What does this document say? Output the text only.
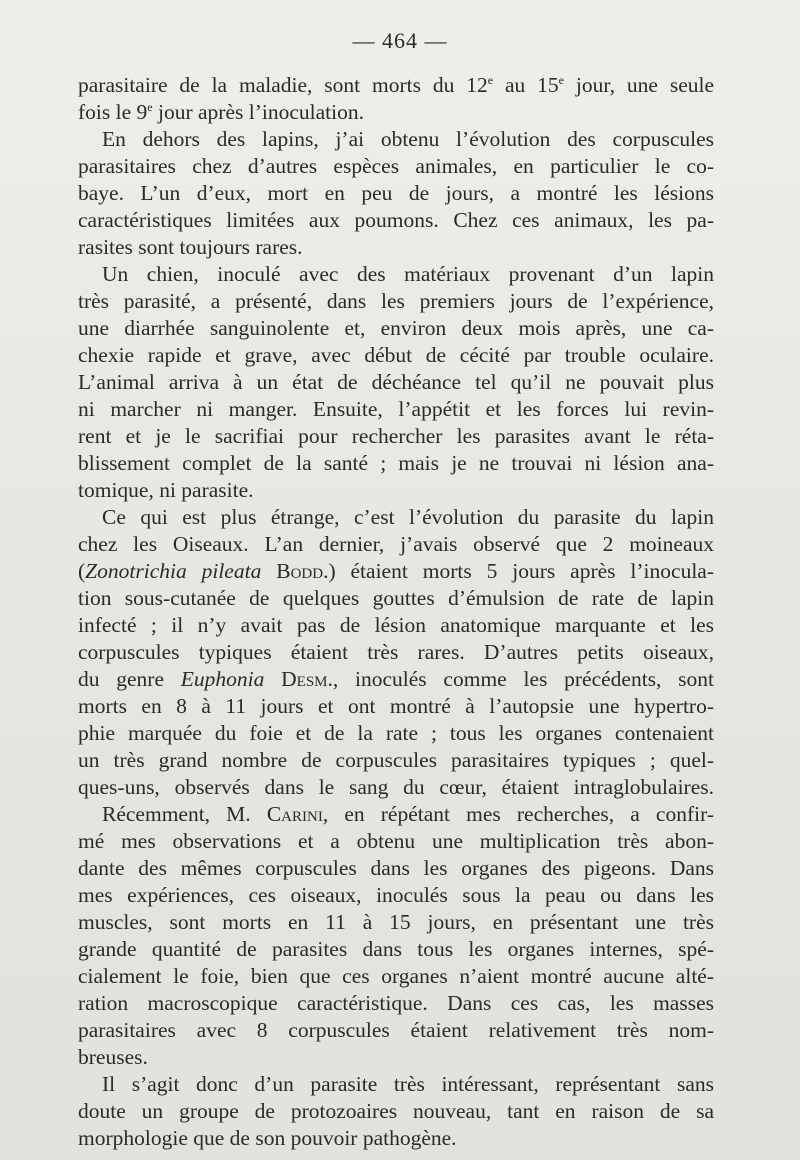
— 464 —
parasitaire de la maladie, sont morts du 12e au 15e jour, une seule
fois le 9e jour après l’inoculation.
En dehors des lapins, j’ai obtenu l’évolution des corpuscules
parasitaires chez d’autres espèces animales, en particulier le co-
baye. L’un d’eux, mort en peu de jours, a montré les lésions
caractéristiques limitées aux poumons. Chez ces animaux, les pa-
rasites sont toujours rares.
Un chien, inoculé avec des matériaux provenant d’un lapin
très parasité, a présenté, dans les premiers jours de l’expérience,
une diarrhée sanguinolente et, environ deux mois après, une ca-
chexie rapide et grave, avec début de cécité par trouble oculaire.
L’animal arriva à un état de déchéance tel qu’il ne pouvait plus
ni marcher ni manger. Ensuite, l’appétit et les forces lui revin-
rent et je le sacrifiai pour rechercher les parasites avant le réta-
blissement complet de la santé ; mais je ne trouvai ni lésion ana-
tomique, ni parasite.
Ce qui est plus étrange, c’est l’évolution du parasite du lapin
chez les Oiseaux. L’an dernier, j’avais observé que 2 moineaux
(Zonotrichia pileata Bodd.) étaient morts 5 jours après l’inocula-
tion sous-cutanée de quelques gouttes d’émulsion de rate de lapin
infecté ; il n’y avait pas de lésion anatomique marquante et les
corpuscules typiques étaient très rares. D’autres petits oiseaux,
du genre Euphonia Desm., inoculés comme les précédents, sont
morts en 8 à 11 jours et ont montré à l’autopsie une hypertro-
phie marquée du foie et de la rate ; tous les organes contenaient
un très grand nombre de corpuscules parasitaires typiques ; quel-
ques-uns, observés dans le sang du cœur, étaient intraglobulaires.
Récemment, M. Carini, en répétant mes recherches, a confir-
mé mes observations et a obtenu une multiplication très abon-
dante des mêmes corpuscules dans les organes des pigeons. Dans
mes expériences, ces oiseaux, inoculés sous la peau ou dans les
muscles, sont morts en 11 à 15 jours, en présentant une très
grande quantité de parasites dans tous les organes internes, spé-
cialement le foie, bien que ces organes n’aient montré aucune alté-
ration macroscopique caractéristique. Dans ces cas, les masses
parasitaires avec 8 corpuscules étaient relativement très nom-
breuses.
Il s’agit donc d’un parasite très intéressant, représentant sans
doute un groupe de protozoaires nouveau, tant en raison de sa
morphologie que de son pouvoir pathogène.
